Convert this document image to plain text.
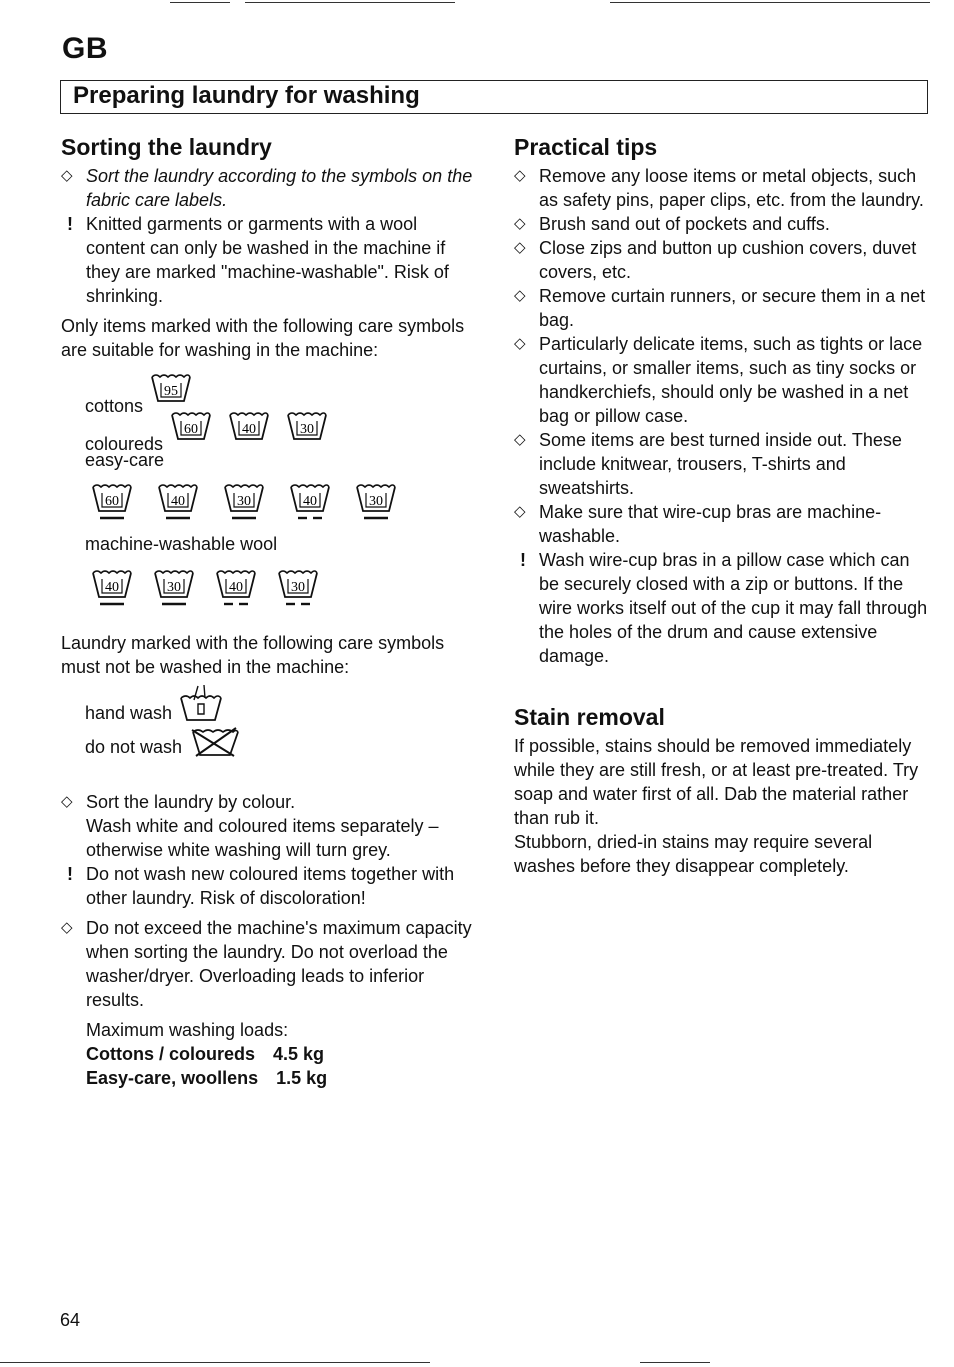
GB
Preparing laundry for washing
Sorting the laundry
◇ Sort the laundry according to the symbols on the fabric care labels.
! Knitted garments or garments with a wool content can only be washed in the machine if they are marked "machine-washable". Risk of shrinking.
Only items marked with the following care symbols are suitable for washing in the machine:
cottons
95
coloureds
60	40	30
easy-care
60	40	30	40	30
machine-washable wool
40	30	40	30
Laundry marked with the following care symbols must not be washed in the machine:
hand wash
do not wash
◇ Sort the laundry by colour.
Wash white and coloured items separately – otherwise white washing will turn grey.
! Do not wash new coloured items together with other laundry. Risk of discoloration!
◇ Do not exceed the machine's maximum capacity when sorting the laundry. Do not overload the washer/dryer. Overloading leads to inferior results.
Maximum washing loads:
Cottons / coloureds 4.5 kg
Easy-care, woollens 1.5 kg
Practical tips
◇ Remove any loose items or metal objects, such as safety pins, paper clips, etc. from the laundry.
◇ Brush sand out of pockets and cuffs.
◇ Close zips and button up cushion covers, duvet covers, etc.
◇ Remove curtain runners, or secure them in a net bag.
◇ Particularly delicate items, such as tights or lace curtains, or smaller items, such as tiny socks or handkerchiefs, should only be washed in a net bag or pillow case.
◇ Some items are best turned inside out. These include knitwear, trousers, T-shirts and sweatshirts.
◇ Make sure that wire-cup bras are machine-washable.
! Wash wire-cup bras in a pillow case which can be securely closed with a zip or buttons. If the wire works itself out of the cup it may fall through the holes of the drum and cause extensive damage.
Stain removal
If possible, stains should be removed immediately while they are still fresh, or at least pre-treated. Try soap and water first of all. Dab the material rather than rub it.
Stubborn, dried-in stains may require several washes before they disappear completely.
64
